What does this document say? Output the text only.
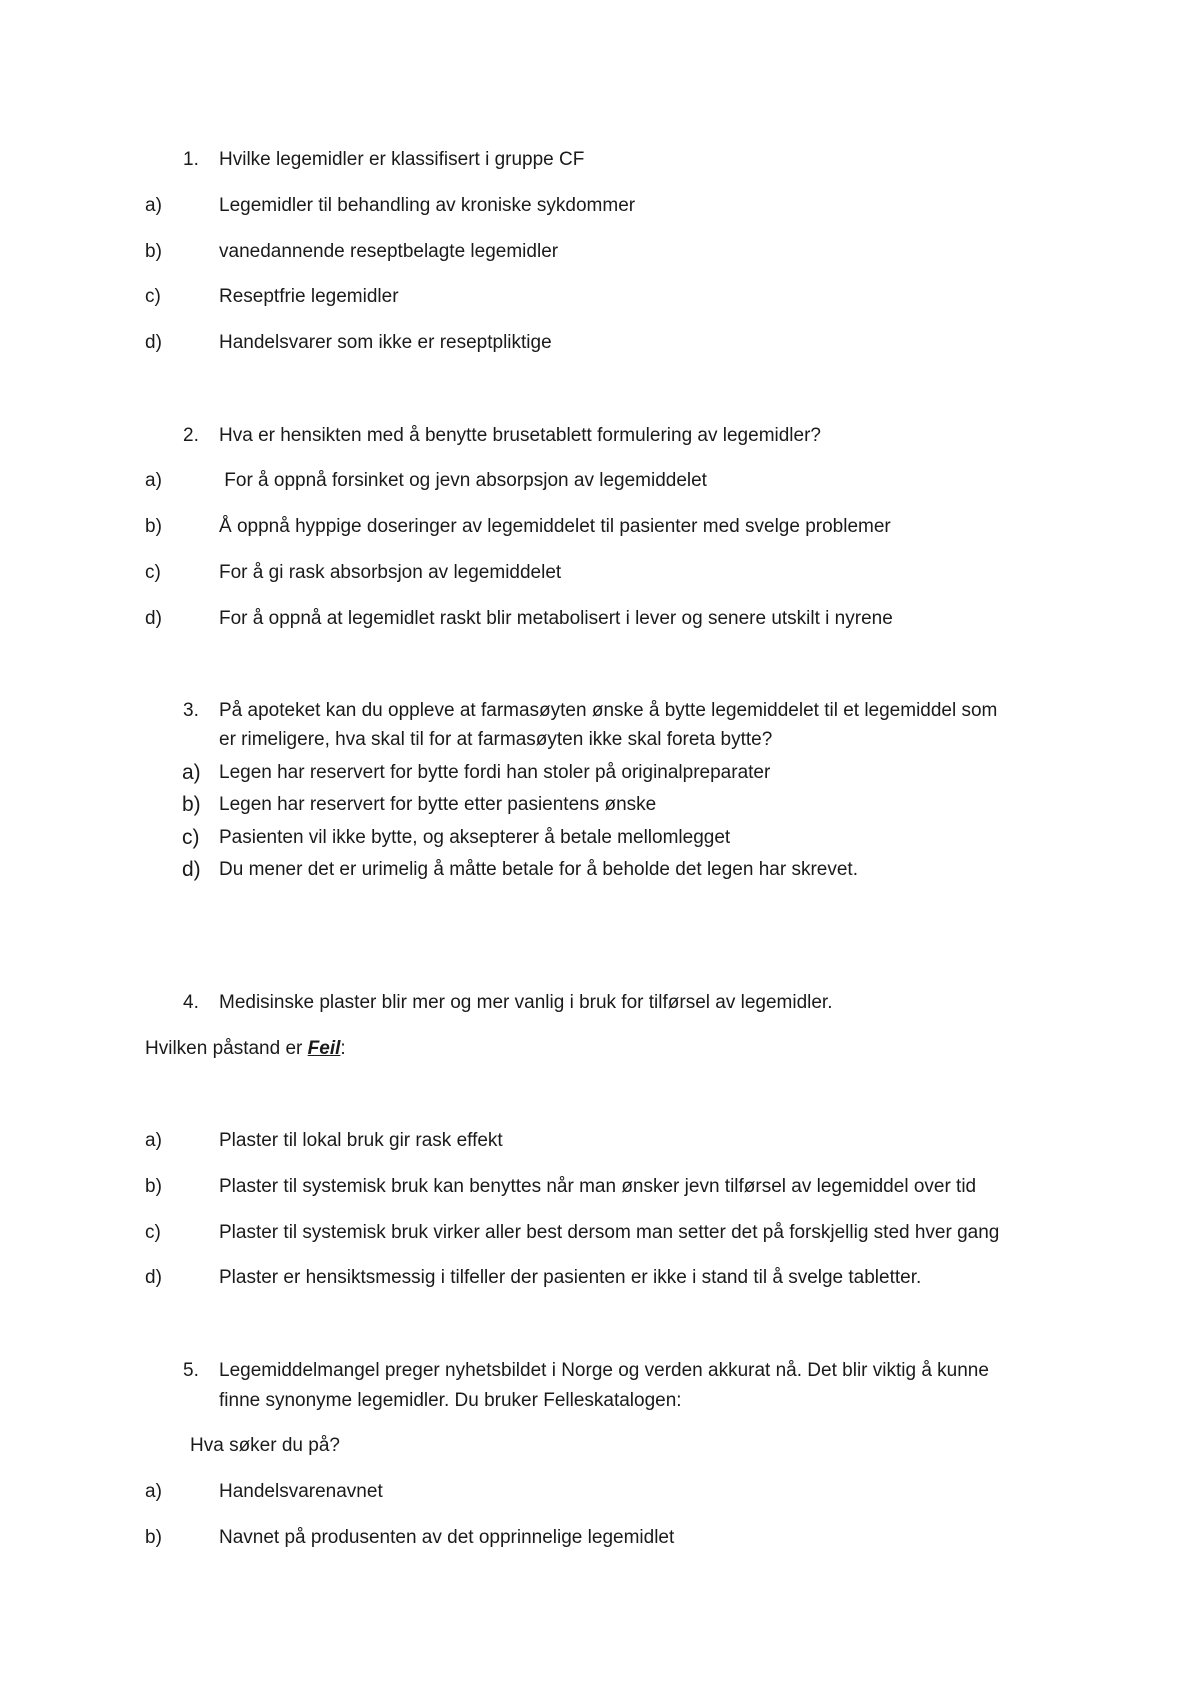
1. Hvilke legemidler er klassifisert i gruppe CF
a)	Legemidler til behandling av kroniske sykdommer
b)	vanedannende reseptbelagte legemidler
c)	Reseptfrie legemidler
d)	Handelsvarer som ikke er reseptpliktige
2. Hva er hensikten med å benytte brusetablett formulering av legemidler?
a)	For å oppnå forsinket og jevn absorpsjon av legemiddelet
b)	Å oppnå hyppige doseringer av legemiddelet til pasienter med svelge problemer
c)	For å gi rask absorbsjon av legemiddelet
d)	For å oppnå at legemidlet raskt blir metabolisert i lever og senere utskilt i nyrene
3. På apoteket kan du oppleve at farmasøyten ønske å bytte legemiddelet til et legemiddel som
er rimeligere, hva skal til for at farmasøyten ikke skal foreta bytte?
a) Legen har reservert for bytte fordi han stoler på originalpreparater
b) Legen har reservert for bytte etter pasientens ønske
c) Pasienten vil ikke bytte, og aksepterer å betale mellomlegget
d) Du mener det er urimelig å måtte betale for å beholde det legen har skrevet.
4. Medisinske plaster blir mer og mer vanlig i bruk for tilførsel av legemidler.
Hvilken påstand er Feil:
a)	Plaster til lokal bruk gir rask effekt
b)	Plaster til systemisk bruk kan benyttes når man ønsker jevn tilførsel av legemiddel over tid
c)	Plaster til systemisk bruk virker aller best dersom man setter det på forskjellig sted hver gang
d)	Plaster er hensiktsmessig i tilfeller der pasienten er ikke i stand til å svelge tabletter.
5. Legemiddelmangel preger nyhetsbildet i Norge og verden akkurat nå. Det blir viktig å kunne
finne synonyme legemidler. Du bruker Felleskatalogen:
Hva søker du på?
a)	Handelsvarenavnet
b)	Navnet på produsenten av det opprinnelige legemidlet
